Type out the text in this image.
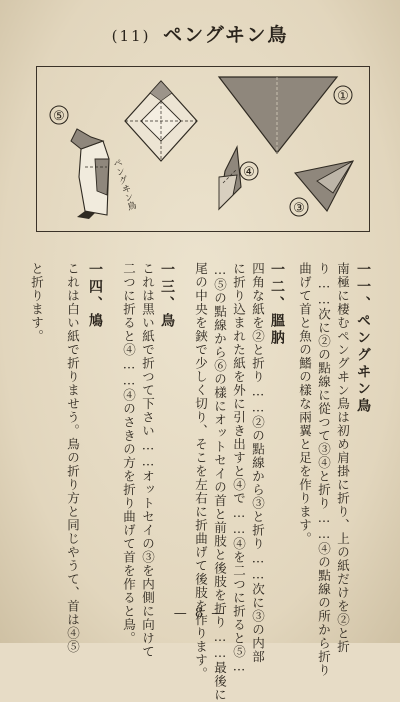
(11) ペングヰン鳥
①
③
④
⑤
ペングヰン鳥
一一、ペングヰン鳥
南極に棲むペングヰン鳥は初め肩掛に折り、上の紙だけを②と折
り……次に②の點線に從つて③④と折り……④の點線の所から折り
曲げて首と魚の鰭の樣な兩翼と足を作ります。
一二、膃肭
四角な紙を②と折り……②の點線から③と折り……次に③の内部
に折り込まれた紙を外に引き出すと④で……④を二つに折ると⑤…
…⑤の點線から⑥の樣にオットセイの首と前肢と後肢を折り……最後に
尾の中央を鋏で少しく切り、そこを左右に折曲げて後肢を作ります。
一三、鳥
これは黒い紙で折つて下さい……オットセイの③を内側に向けて
二つに折ると④……④のさきの方を折り曲げて首を作ると鳥。
一四、鳩
これは白い紙で折りませう。鳥の折り方と同じやうて、首は④⑤
と折ります。
— 8 —
